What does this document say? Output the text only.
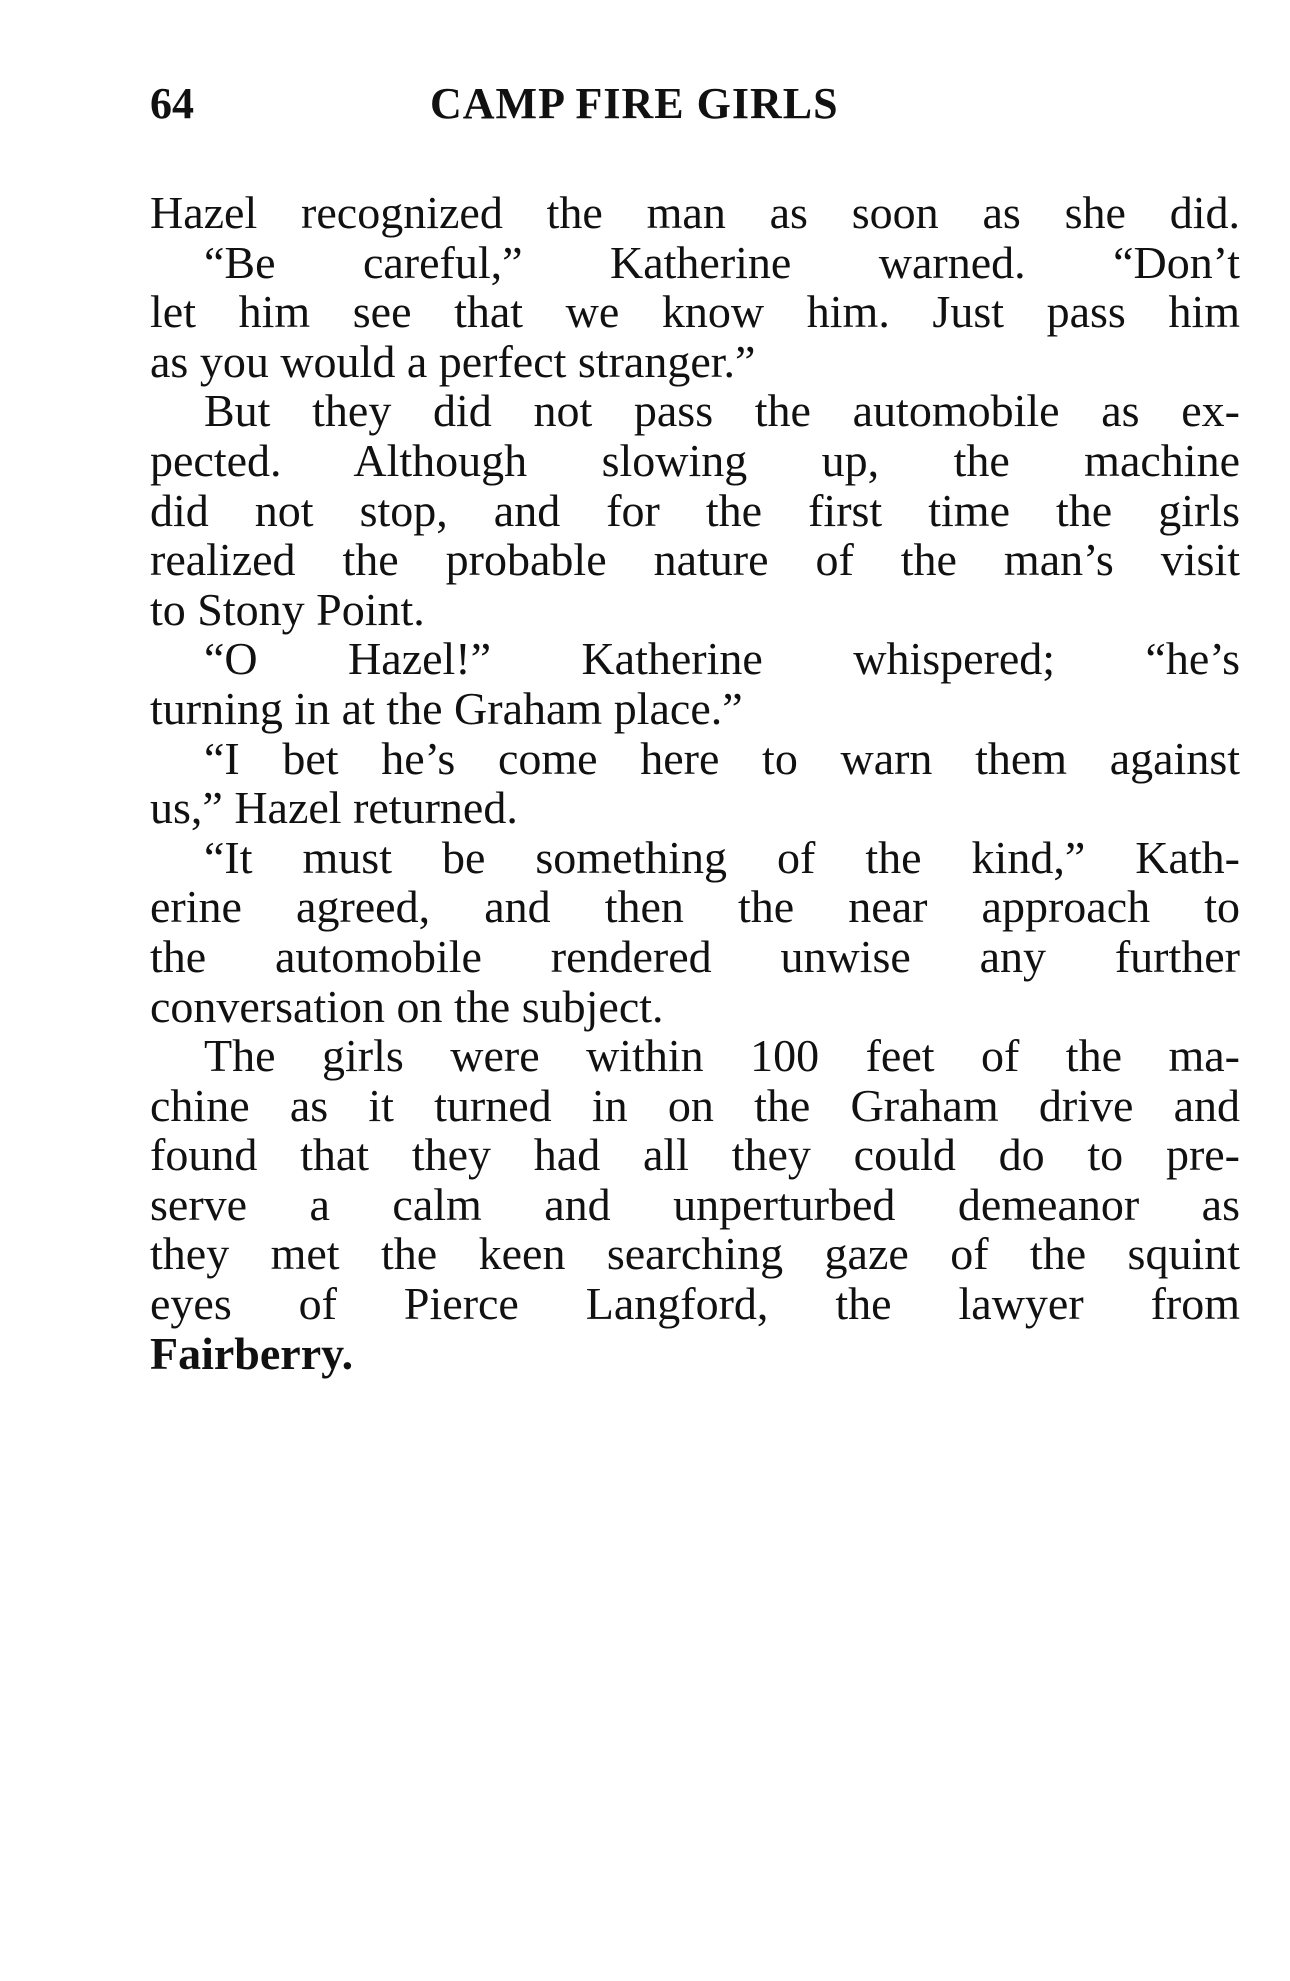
64	CAMP FIRE GIRLS
Hazel recognized the man as soon as she did.
“Be careful,” Katherine warned. “Don’t
let him see that we know him. Just pass him
as you would a perfect stranger.”
But they did not pass the automobile as ex-
pected. Although slowing up, the machine
did not stop, and for the first time the girls
realized the probable nature of the man’s visit
to Stony Point.
“O Hazel!” Katherine whispered; “he’s
turning in at the Graham place.”
“I bet he’s come here to warn them against
us,” Hazel returned.
“It must be something of the kind,” Kath-
erine agreed, and then the near approach to
the automobile rendered unwise any further
conversation on the subject.
The girls were within 100 feet of the ma-
chine as it turned in on the Graham drive and
found that they had all they could do to pre-
serve a calm and unperturbed demeanor as
they met the keen searching gaze of the squint
eyes of Pierce Langford, the lawyer from
Fairberry.
